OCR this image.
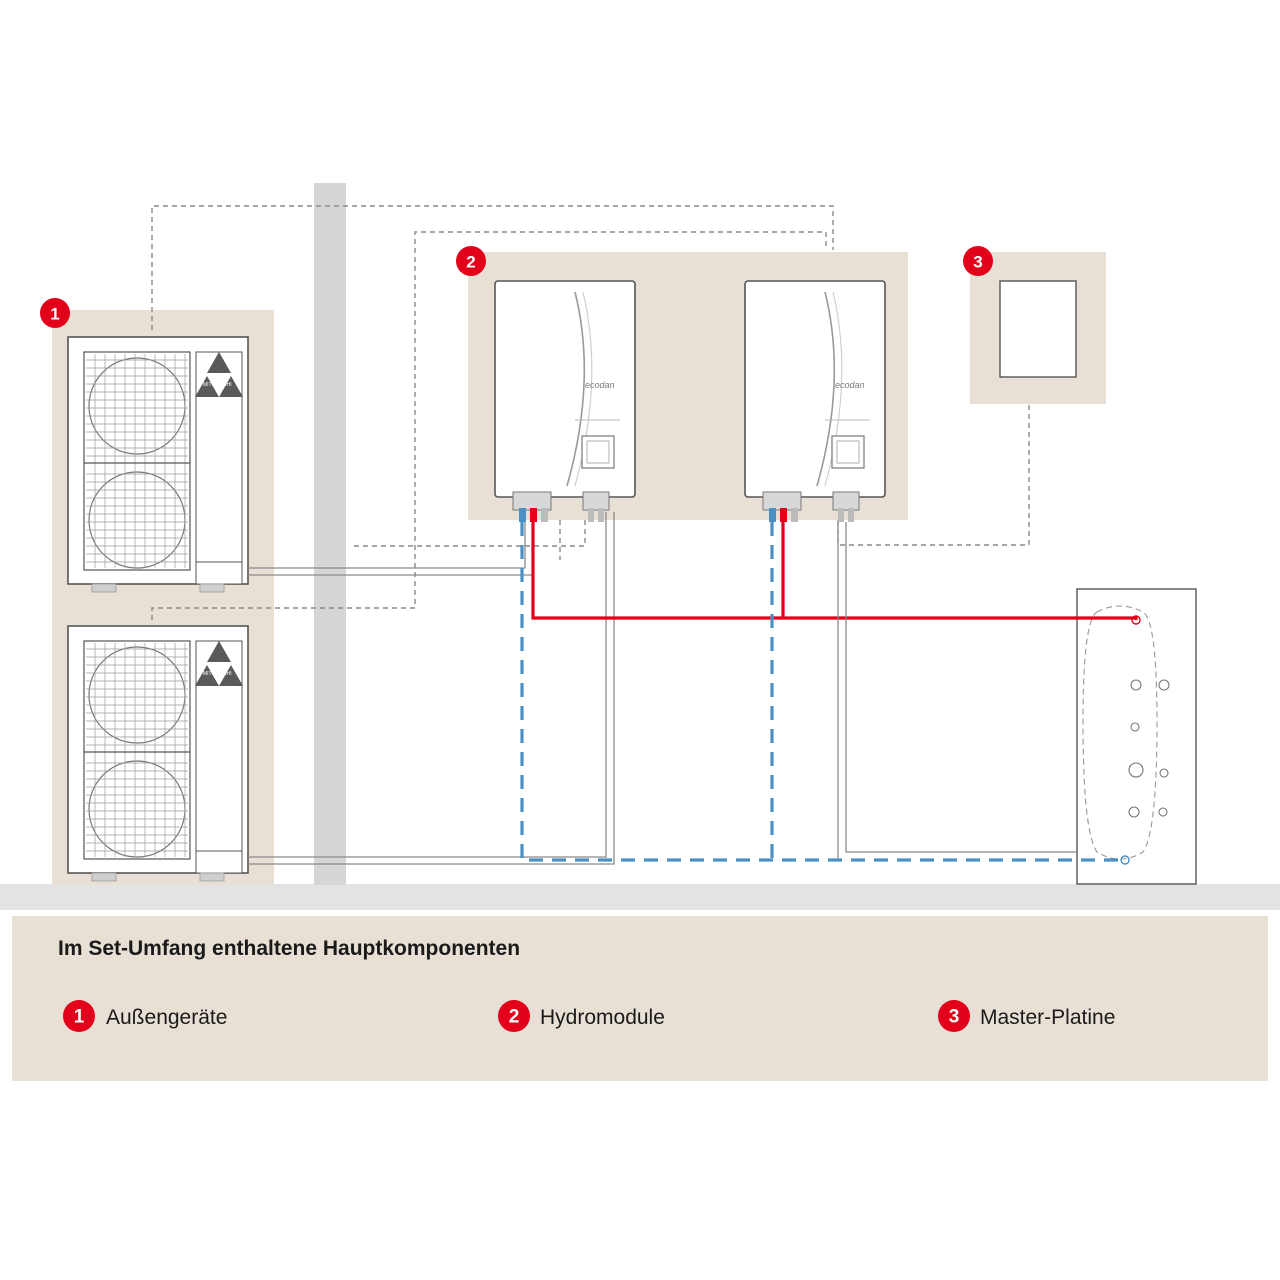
MITSUBISHI
MITSUBISHI
ecodan	ecodan
1
2	3
Im Set-Umfang enthaltene Hauptkomponenten
1 Außengeräte	2 Hydromodule	3 Master-Platine
